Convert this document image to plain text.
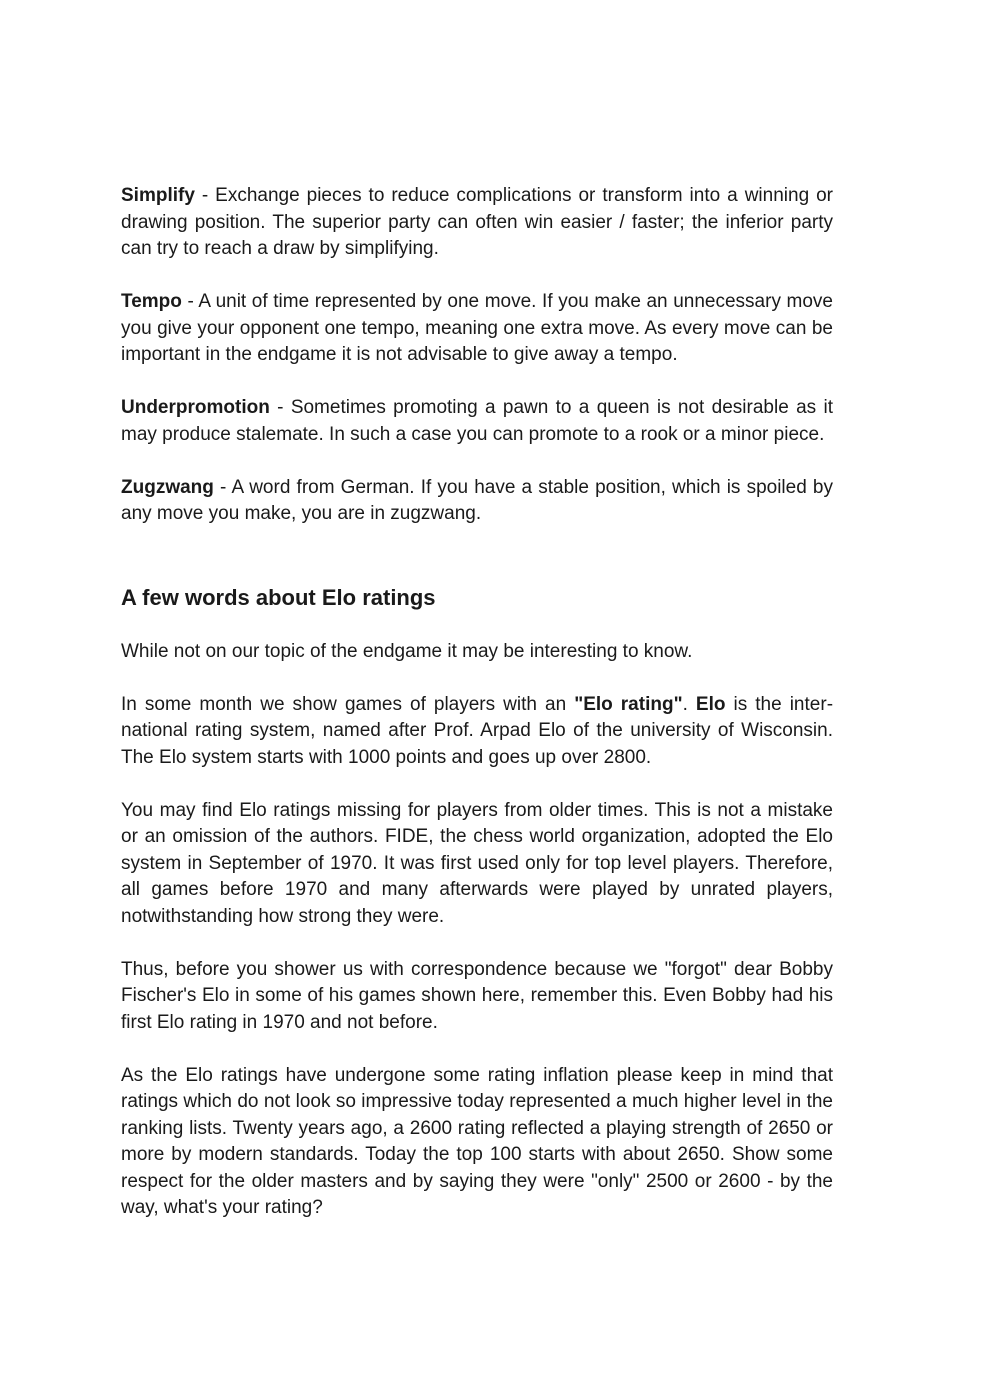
Simplify - Exchange pieces to reduce complications or transform into a winning or drawing position. The superior party can often win easier / faster; the inferior party can try to reach a draw by simplifying.

Tempo - A unit of time represented by one move. If you make an unnecessary move you give your opponent one tempo, meaning one extra move. As every move can be important in the endgame it is not advisable to give away a tempo.

Underpromotion - Sometimes promoting a pawn to a queen is not desirable as it may produce stalemate. In such a case you can promote to a rook or a minor piece.

Zugzwang - A word from German. If you have a stable position, which is spoiled by any move you make, you are in zugzwang.

A few words about Elo ratings

While not on our topic of the endgame it may be interesting to know.

In some month we show games of players with an "Elo rating". Elo is the international rating system, named after Prof. Arpad Elo of the university of Wisconsin. The Elo system starts with 1000 points and goes up over 2800.

You may find Elo ratings missing for players from older times. This is not a mistake or an omission of the authors. FIDE, the chess world organization, adopted the Elo system in September of 1970. It was first used only for top level players. Therefore, all games before 1970 and many afterwards were played by unrated players, notwithstanding how strong they were.

Thus, before you shower us with correspondence because we "forgot" dear Bobby Fischer's Elo in some of his games shown here, remember this. Even Bobby had his first Elo rating in 1970 and not before.

As the Elo ratings have undergone some rating inflation please keep in mind that ratings which do not look so impressive today represented a much higher level in the ranking lists. Twenty years ago, a 2600 rating reflected a playing strength of 2650 or more by modern standards. Today the top 100 starts with about 2650. Show some respect for the older masters and by saying they were "only" 2500 or 2600 - by the way, what's your rating?
